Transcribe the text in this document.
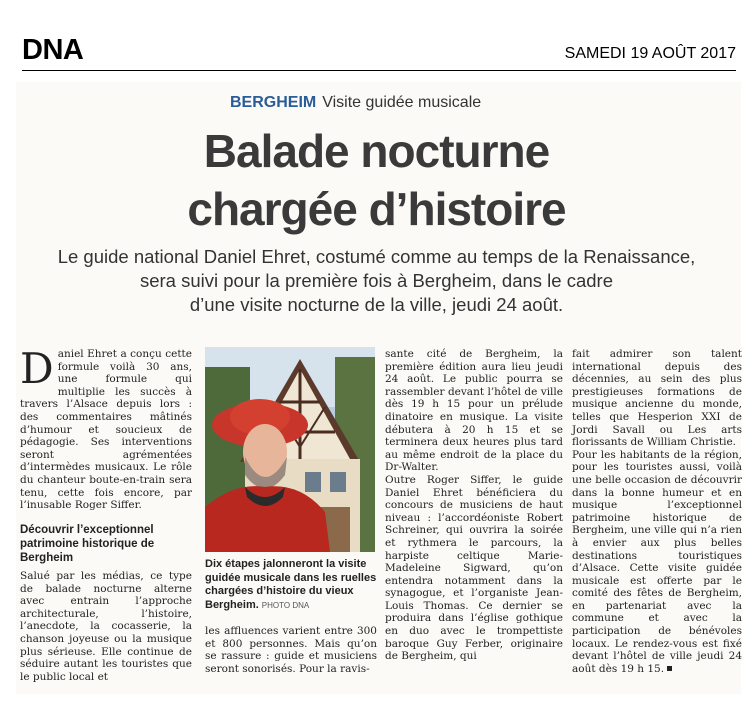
DNA	SAMEDI 19 AOÛT 2017
BERGHEIM Visite guidée musicale
Balade nocturne
chargée d’histoire
Le guide national Daniel Ehret, costumé comme au temps de la Renaissance,
sera suivi pour la première fois à Bergheim, dans le cadre
d’une visite nocturne de la ville, jeudi 24 août.
D aniel Ehret a conçu cette formule voilà 30 ans, une formule qui multiplie les succès à travers l’Alsace depuis lors : des commentaires mâtinés d’humour et soucieux de pédagogie. Ses interventions seront agrémentées d’intermèdes musicaux. Le rôle du chanteur boute-en-train sera tenu, cette fois encore, par l’inusable Roger Siffer.

Découvrir l’exceptionnel patrimoine historique de Bergheim

Salué par les médias, ce type de balade nocturne alterne avec entrain l’approche architecturale, l’histoire, l’anecdote, la cocasserie, la chanson joyeuse ou la musique plus sérieuse. Elle continue de séduire autant les touristes que le public local et

Dix étapes jalonneront la visite guidée musicale dans les ruelles chargées d’histoire du vieux Bergheim. PHOTO DNA

les affluences varient entre 300 et 800 personnes. Mais qu’on se rassure : guide et musiciens seront sonorisés. Pour la ravis-

sante cité de Bergheim, la première édition aura lieu jeudi 24 août. Le public pourra se rassembler devant l’hôtel de ville dès 19 h 15 pour un prélude dinatoire en musique. La visite débutera à 20 h 15 et se terminera deux heures plus tard au même endroit de la place du Dr-Walter.

Outre Roger Siffer, le guide Daniel Ehret bénéficiera du concours de musiciens de haut niveau : l’accordéoniste Robert Schreiner, qui ouvrira la soirée et rythmera le parcours, la harpiste celtique Marie-Madeleine Sigward, qu’on entendra notamment dans la synagogue, et l’organiste Jean-Louis Thomas. Ce dernier se produira dans l’église gothique en duo avec le trompettiste baroque Guy Ferber, originaire de Bergheim, qui

fait admirer son talent international depuis des décennies, au sein des plus prestigieuses formations de musique ancienne du monde, telles que Hesperion XXI de Jordi Savall ou Les arts florissants de William Christie.

Pour les habitants de la région, pour les touristes aussi, voilà une belle occasion de découvrir dans la bonne humeur et en musique l’exceptionnel patrimoine historique de Bergheim, une ville qui n’a rien à envier aux plus belles destinations touristiques d’Alsace. Cette visite guidée musicale est offerte par le comité des fêtes de Bergheim, en partenariat avec la commune et avec la participation de bénévoles locaux. Le rendez-vous est fixé devant l’hôtel de ville jeudi 24 août dès 19 h 15.
